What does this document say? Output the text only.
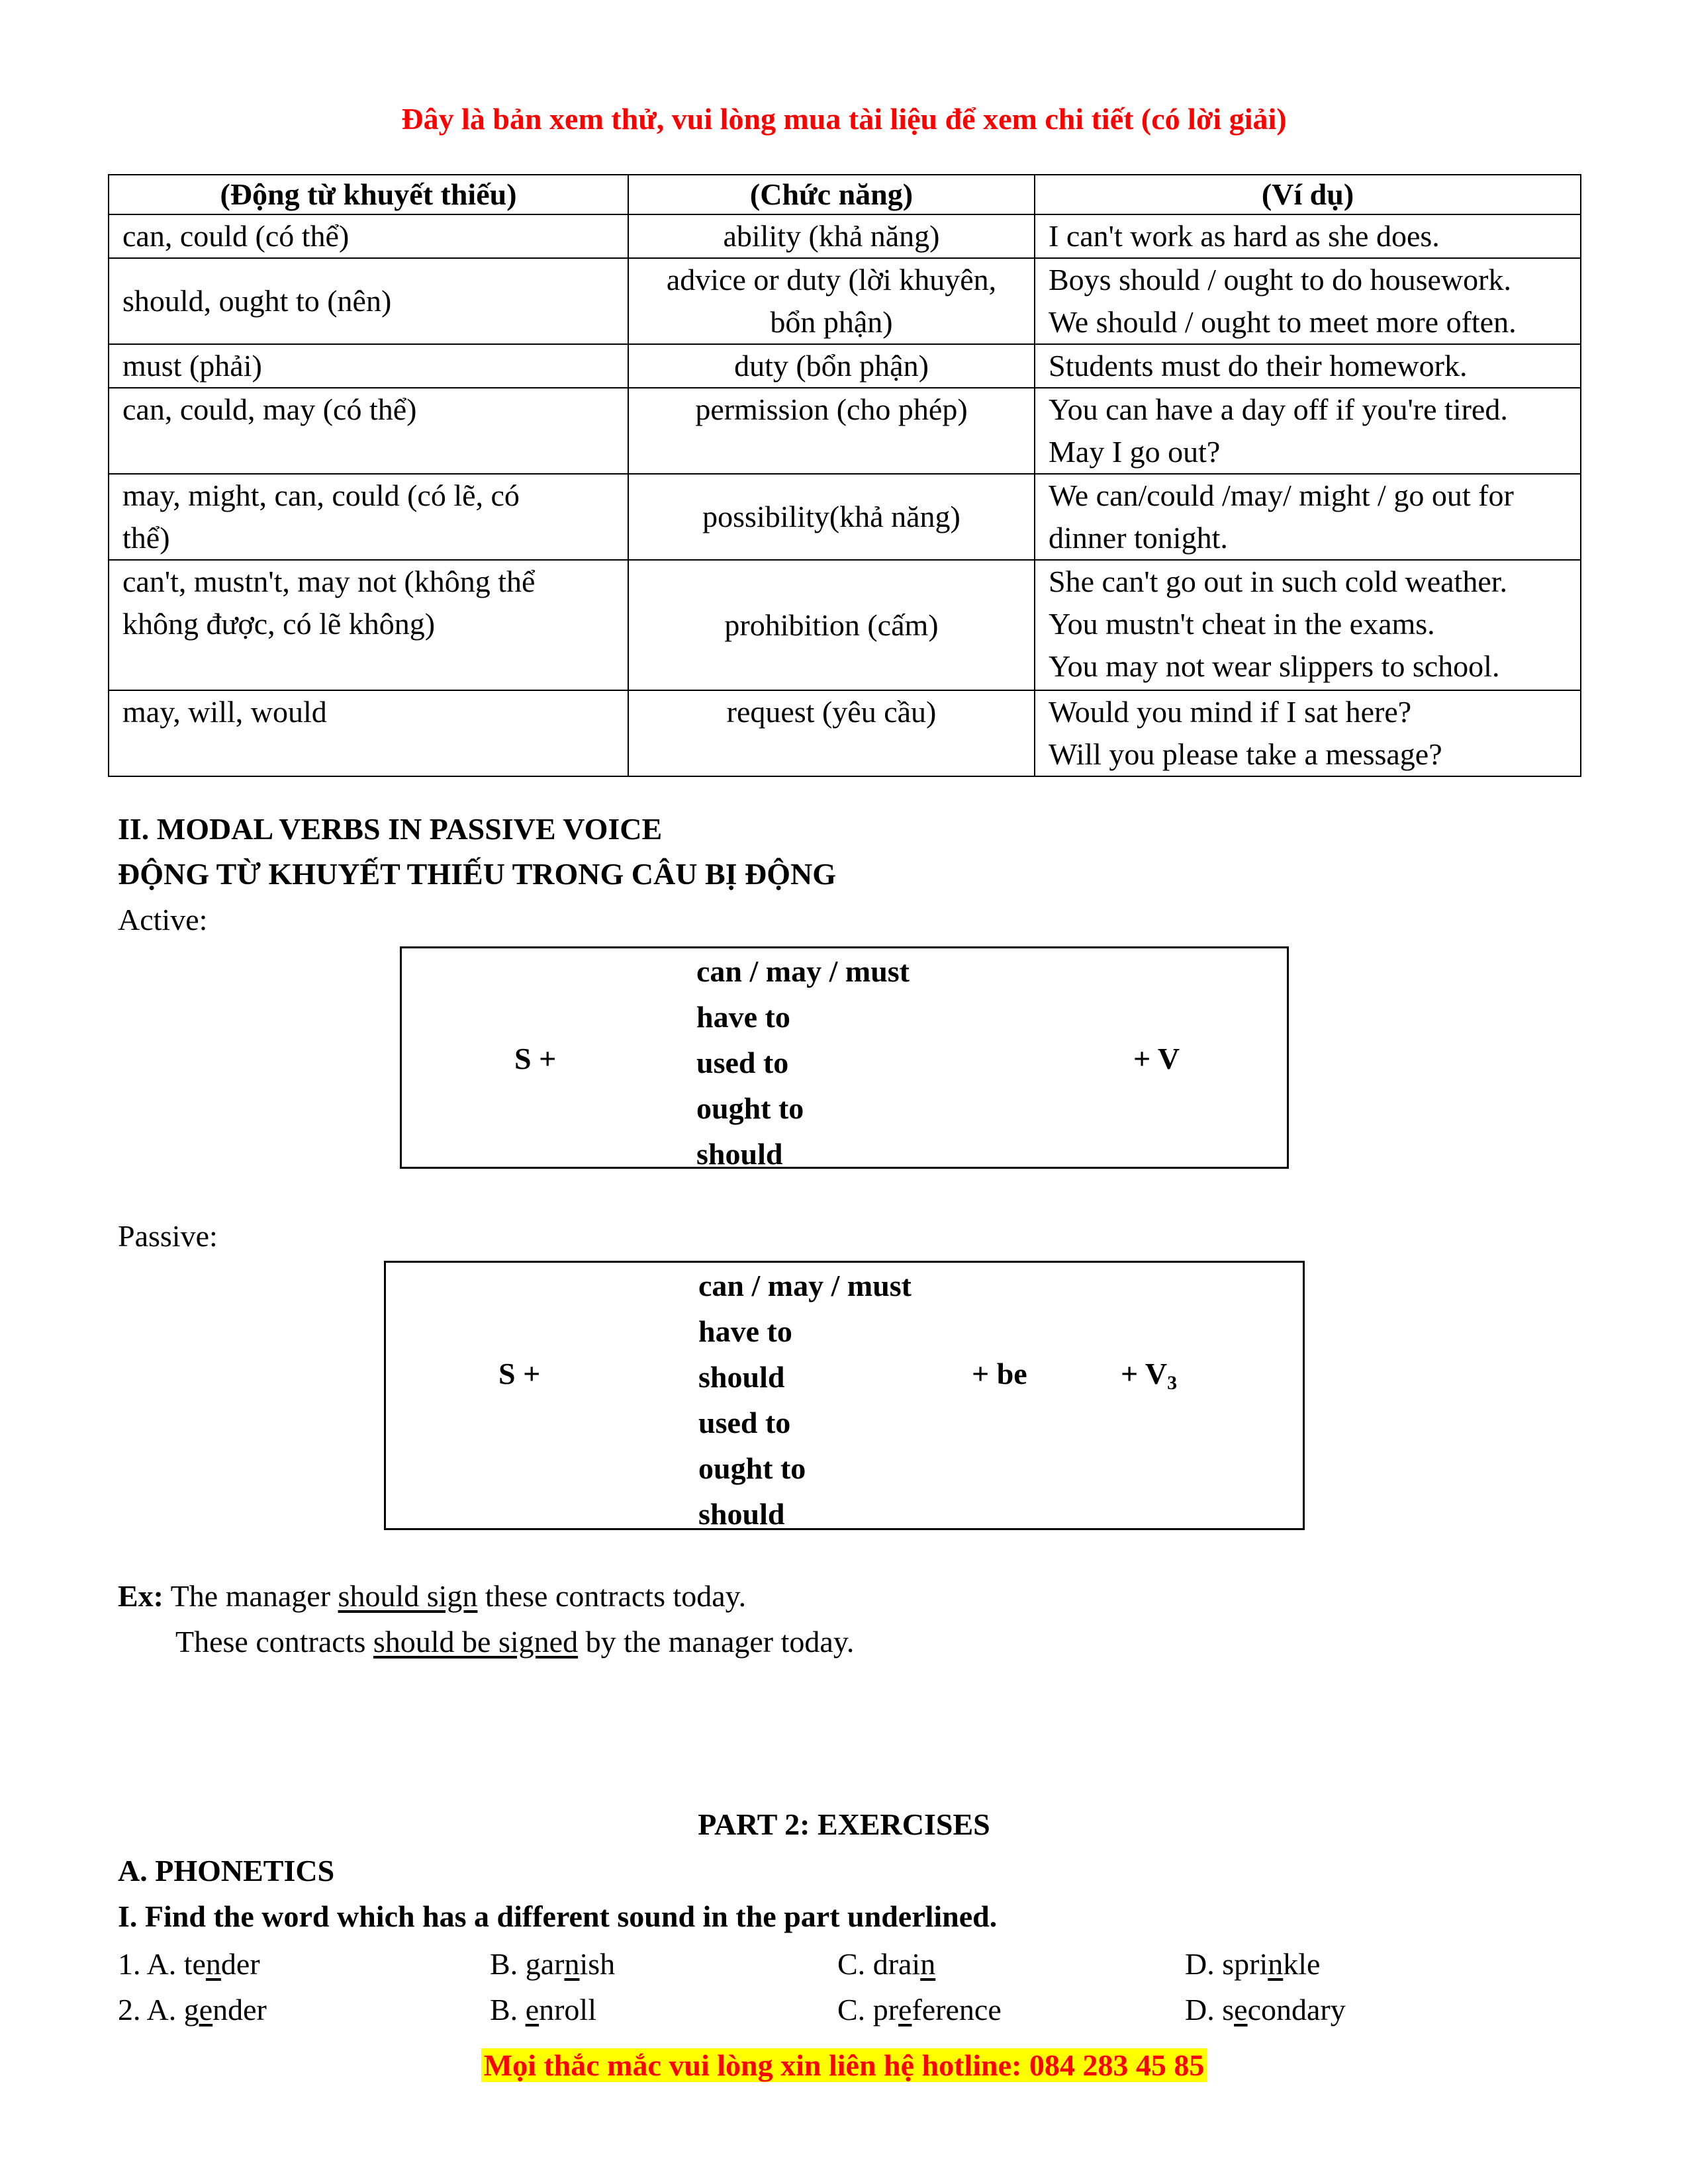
Đây là bản xem thử, vui lòng mua tài liệu để xem chi tiết (có lời giải)
(Động từ khuyết thiếu)	(Chức năng)	(Ví dụ)

can, could (có thể)	ability (khả năng)	I can't work as hard as she does.

should, ought to (nên)	advice or duty (lời khuyên,
bổn phận)	Boys should / ought to do housework.
We should / ought to meet more often.

must (phải)	duty (bổn phận)	Students must do their homework.

can, could, may (có thể)	permission (cho phép)	You can have a day off if you're tired.
May I go out?

may, might, can, could (có lẽ, có
thể)	possibility(khả năng)	We can/could /may/ might / go out for
dinner tonight.

can't, mustn't, may not (không thể
không được, có lẽ không)	prohibition (cấm)	She can't go out in such cold weather.
You mustn't cheat in the exams.
You may not wear slippers to school.

may, will, would	request (yêu cầu)	Would you mind if I sat here?
Will you please take a message?
II. MODAL VERBS IN PASSIVE VOICE
ĐỘNG TỪ KHUYẾT THIẾU TRONG CÂU BỊ ĐỘNG
Active:
S +
can / may / must
have to
used to
ought to
should
+ V
Passive:
S +
can / may / must
have to
should
used to
ought to
should
+ be	+ $V_3$
Ex: The manager should sign these contracts today.
These contracts should be signed by the manager today.
PART 2: EXERCISES
A. PHONETICS
I. Find the word which has a different sound in the part underlined.
1. A. tender	B. garnish	C. drain	D. sprinkle
2. A. gender	B. enroll	C. preference	D. secondary
Mọi thắc mắc vui lòng xin liên hệ hotline: 084 283 45 85
